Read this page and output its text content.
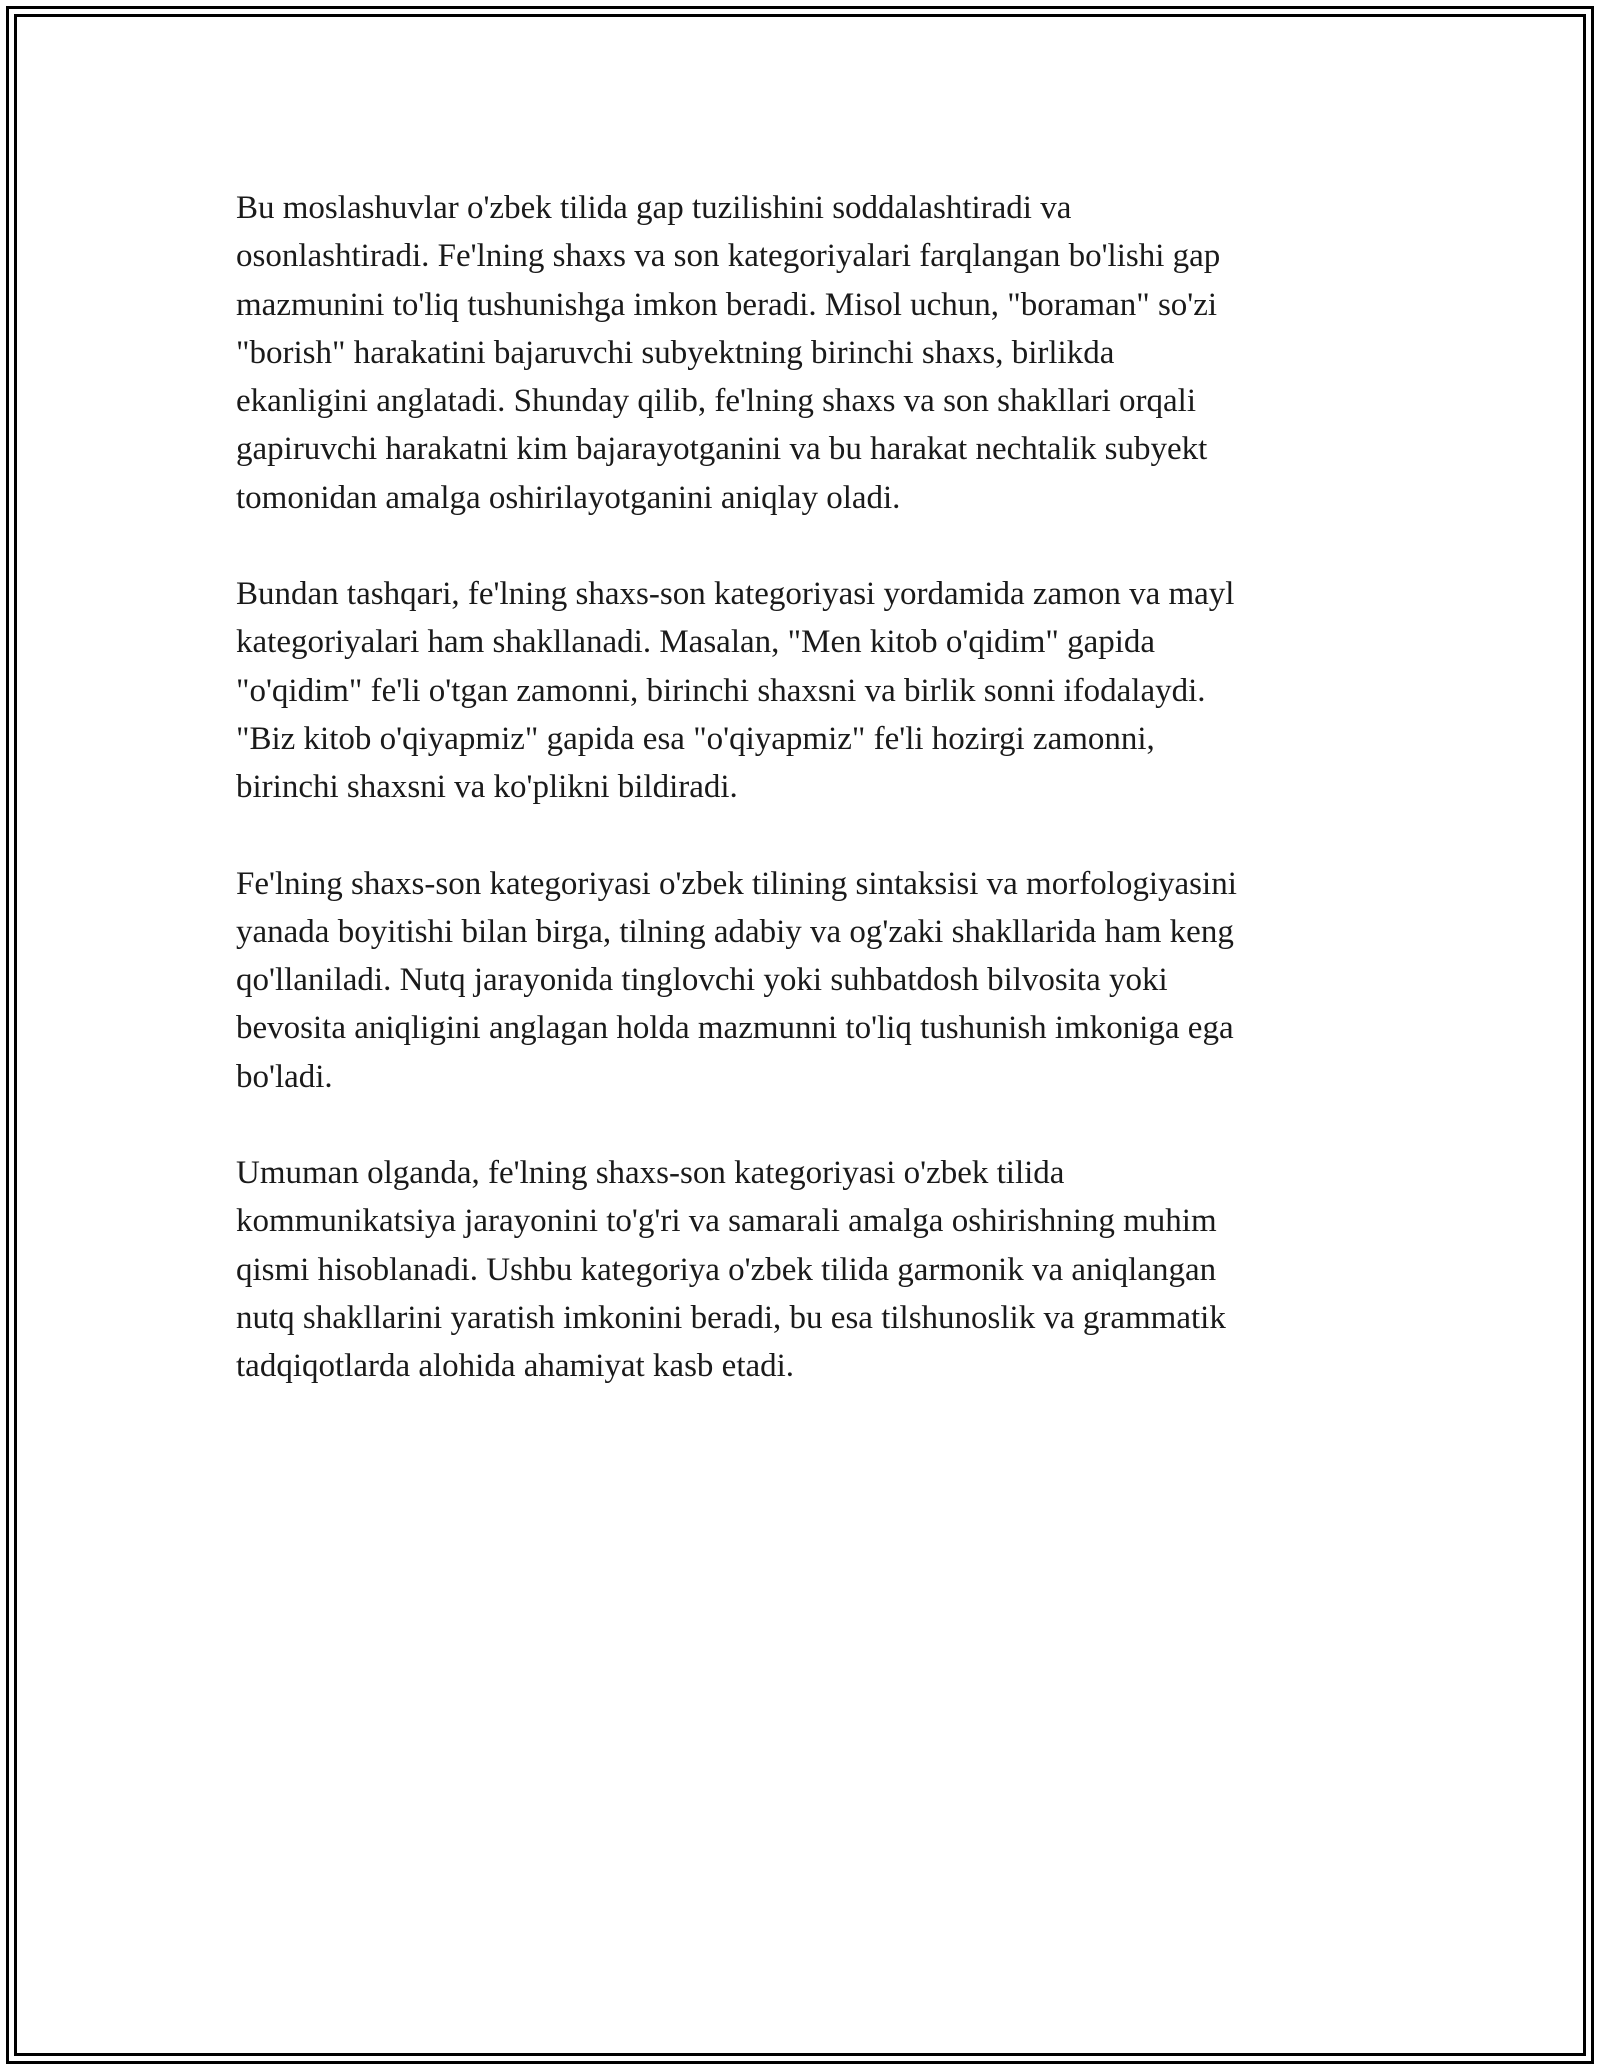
Bu moslashuvlar o'zbek tilida gap tuzilishini soddalashtiradi va
osonlashtiradi. Fe'lning shaxs va son kategoriyalari farqlangan bo'lishi gap
mazmunini to'liq tushunishga imkon beradi. Misol uchun, "boraman" so'zi
"borish" harakatini bajaruvchi subyektning birinchi shaxs, birlikda
ekanligini anglatadi. Shunday qilib, fe'lning shaxs va son shakllari orqali
gapiruvchi harakatni kim bajarayotganini va bu harakat nechtalik subyekt
tomonidan amalga oshirilayotganini aniqlay oladi.
Bundan tashqari, fe'lning shaxs-son kategoriyasi yordamida zamon va mayl
kategoriyalari ham shakllanadi. Masalan, "Men kitob o'qidim" gapida
"o'qidim" fe'li o'tgan zamonni, birinchi shaxsni va birlik sonni ifodalaydi.
"Biz kitob o'qiyapmiz" gapida esa "o'qiyapmiz" fe'li hozirgi zamonni,
birinchi shaxsni va ko'plikni bildiradi.
Fe'lning shaxs-son kategoriyasi o'zbek tilining sintaksisi va morfologiyasini
yanada boyitishi bilan birga, tilning adabiy va og'zaki shakllarida ham keng
qo'llaniladi. Nutq jarayonida tinglovchi yoki suhbatdosh bilvosita yoki
bevosita aniqligini anglagan holda mazmunni to'liq tushunish imkoniga ega
bo'ladi.
Umuman olganda, fe'lning shaxs-son kategoriyasi o'zbek tilida
kommunikatsiya jarayonini to'g'ri va samarali amalga oshirishning muhim
qismi hisoblanadi. Ushbu kategoriya o'zbek tilida garmonik va aniqlangan
nutq shakllarini yaratish imkonini beradi, bu esa tilshunoslik va grammatik
tadqiqotlarda alohida ahamiyat kasb etadi.
